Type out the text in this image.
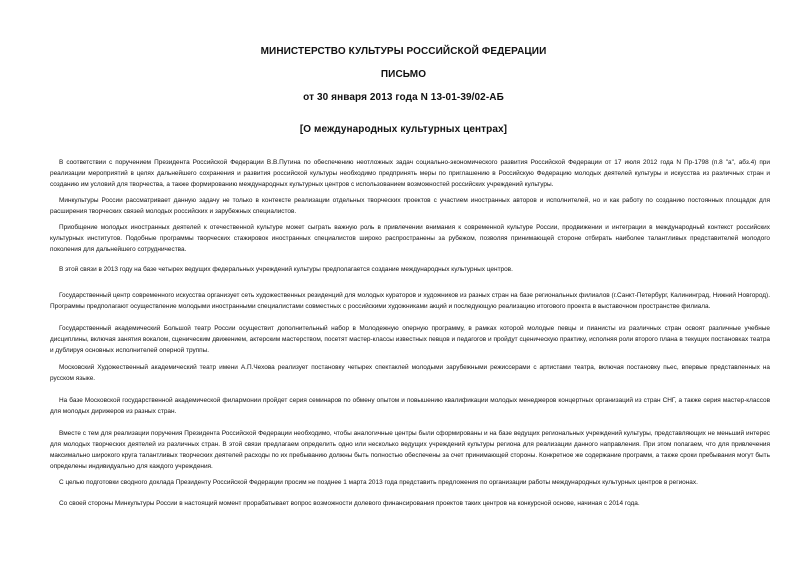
МИНИСТЕРСТВО КУЛЬТУРЫ РОССИЙСКОЙ ФЕДЕРАЦИИ
ПИСЬМО
от 30 января 2013 года N 13-01-39/02-АБ
[О международных культурных центрах]

В соответствии с поручением Президента Российской Федерации В.В.Путина по обеспечению неотложных задач социально-экономического развития Российской Федерации от 17 июля 2012 года N Пр-1798 (п.8 "а", абз.4) при реализации мероприятий в целях дальнейшего сохранения и развития российской культуры необходимо предпринять меры по приглашению в Российскую Федерацию молодых деятелей культуры и искусства из различных стран и созданию им условий для творчества, а также формированию международных культурных центров с использованием возможностей российских учреждений культуры.

Минкультуры России рассматривает данную задачу не только в контексте реализации отдельных творческих проектов с участием иностранных авторов и исполнителей, но и как работу по созданию постоянных площадок для расширения творческих связей молодых российских и зарубежных специалистов.

Приобщение молодых иностранных деятелей к отечественной культуре может сыграть важную роль в привлечении внимания к современной культуре России, продвижении и интеграции в международный контекст российских культурных институтов. Подобные программы творческих стажировок иностранных специалистов широко распространены за рубежом, позволяя принимающей стороне отбирать наиболее талантливых представителей молодого поколения для дальнейшего сотрудничества.

В этой связи в 2013 году на базе четырех ведущих федеральных учреждений культуры предполагается создание международных культурных центров.

Государственный центр современного искусства организует сеть художественных резиденций для молодых кураторов и художников из разных стран на базе региональных филиалов (г.Санкт-Петербург, Калининград, Нижний Новгород). Программы предполагают осуществление молодыми иностранными специалистами совместных с российскими художниками акций и последующую реализацию итогового проекта в выставочном пространстве филиала.

Государственный академический Большой театр России осуществит дополнительный набор в Молодежную оперную программу, в рамках которой молодые певцы и пианисты из различных стран освоят различные учебные дисциплины, включая занятия вокалом, сценическим движением, актерским мастерством, посетят мастер-классы известных певцов и педагогов и пройдут сценическую практику, исполняя роли второго плана в текущих постановках театра и дублируя основных исполнителей оперной труппы.

Московский Художественный академический театр имени А.П.Чехова реализует постановку четырех спектаклей молодыми зарубежными режиссерами с артистами театра, включая постановку пьес, впервые представленных на русском языке.

На базе Московской государственной академической филармонии пройдет серия семинаров по обмену опытом и повышению квалификации молодых менеджеров концертных организаций из стран СНГ, а также серия мастер-классов для молодых дирижеров из разных стран.

Вместе с тем для реализации поручения Президента Российской Федерации необходимо, чтобы аналогичные центры были сформированы и на базе ведущих региональных учреждений культуры, представляющих не меньший интерес для молодых творческих деятелей из различных стран. В этой связи предлагаем определить одно или несколько ведущих учреждений культуры региона для реализации данного направления. При этом полагаем, что для привлечения максимально широкого круга талантливых творческих деятелей расходы по их пребыванию должны быть полностью обеспечены за счет принимающей стороны. Конкретное же содержание программ, а также сроки пребывания могут быть определены индивидуально для каждого учреждения.

С целью подготовки сводного доклада Президенту Российской Федерации просим не позднее 1 марта 2013 года представить предложения по организации работы международных культурных центров в регионах.

Со своей стороны Минкультуры России в настоящий момент прорабатывает вопрос возможности долевого финансирования проектов таких центров на конкурсной основе, начиная с 2014 года.
